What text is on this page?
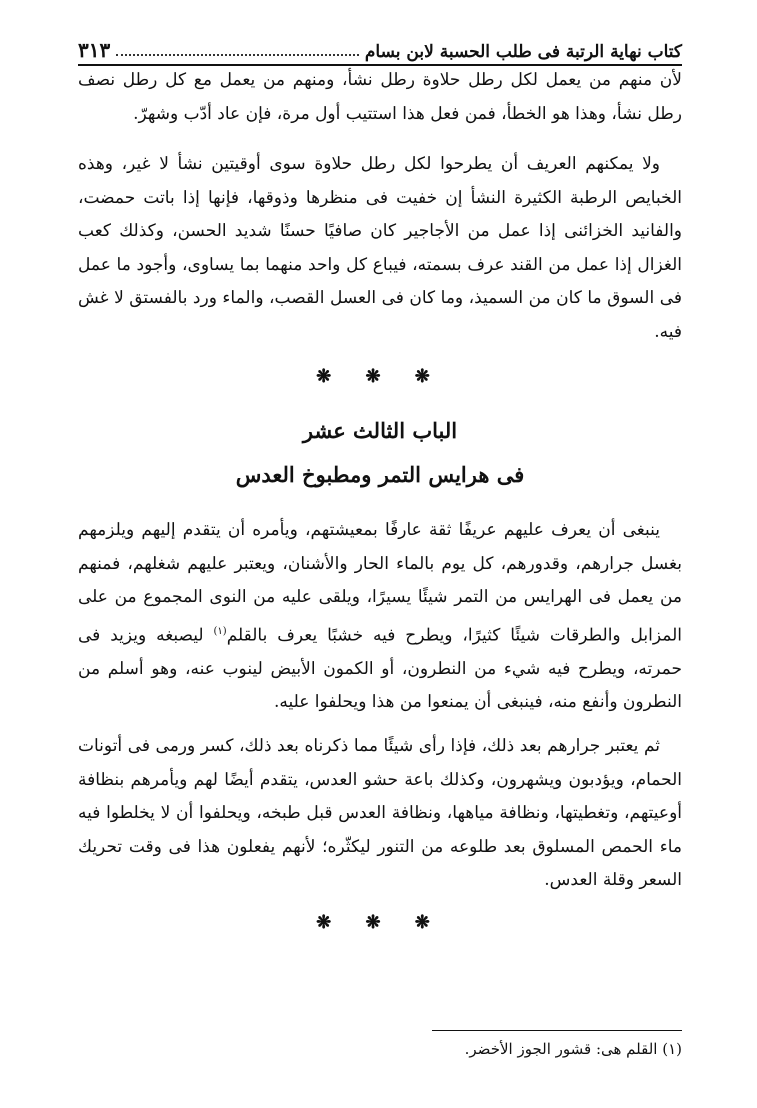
كتاب نهاية الرتبة فى طلب الحسبة لابن بسام
٣١٣

لأن منهم من يعمل لكل رطل حلاوة رطل نشأ، ومنهم من يعمل مع كل رطل نصف رطل نشأ، وهذا هو الخطأ، فمن فعل هذا استتيب أول مرة، فإن عاد أدّب وشهرّ.

ولا يمكنهم العريف أن يطرحوا لكل رطل حلاوة سوى أوقيتين نشأ لا غير، وهذه الخبايص الرطبة الكثيرة النشأ إن خفيت فى منظرها وذوقها، فإنها إذا باتت حمضت، والفانيد الخزائنى إذا عمل من الأجاجير كان صافيًا حسنًا شديد الحسن، وكذلك كعب الغزال إذا عمل من القند عرف بسمته، فيباع كل واحد منهما بما يساوى، وأجود ما عمل فى السوق ما كان من السميذ، وما كان فى العسل القصب، والماء ورد بالفستق لا غش فيه.

❋ ❋ ❋
الباب الثالث عشر
فى هرايس التمر ومطبوخ العدس

ينبغى أن يعرف عليهم عريفًا ثقة عارفًا بمعيشتهم، ويأمره أن يتقدم إليهم ويلزمهم بغسل جرارهم، وقدورهم، كل يوم بالماء الحار والأشنان، ويعتبر عليهم شغلهم، فمنهم من يعمل فى الهرايس من التمر شيئًا يسيرًا، ويلقى عليه من النوى المجموع من على المزابل والطرقات شيئًا كثيرًا، ويطرح فيه خشبًا يعرف بالقلم$^{(١)}$ ليصبغه ويزيد فى حمرته، ويطرح فيه شيء من النطرون، أو الكمون الأبيض لينوب عنه، وهو أسلم من النطرون وأنفع منه، فينبغى أن يمنعوا من هذا ويحلفوا عليه.

ثم يعتبر جرارهم بعد ذلك، فإذا رأى شيئًا مما ذكرناه بعد ذلك، كسر ورمى فى أتونات الحمام، ويؤدبون ويشهرون، وكذلك باعة حشو العدس، يتقدم أيضًا لهم ويأمرهم بنظافة أوعيتهم، وتغطيتها، ونظافة مياهها، ونظافة العدس قبل طبخه، ويحلفوا أن لا يخلطوا فيه ماء الحمص المسلوق بعد طلوعه من التنور ليكثّره؛ لأنهم يفعلون هذا فى وقت تحريك السعر وقلة العدس.

❋ ❋ ❋
(١) القلم هى: قشور الجوز الأخضر.
